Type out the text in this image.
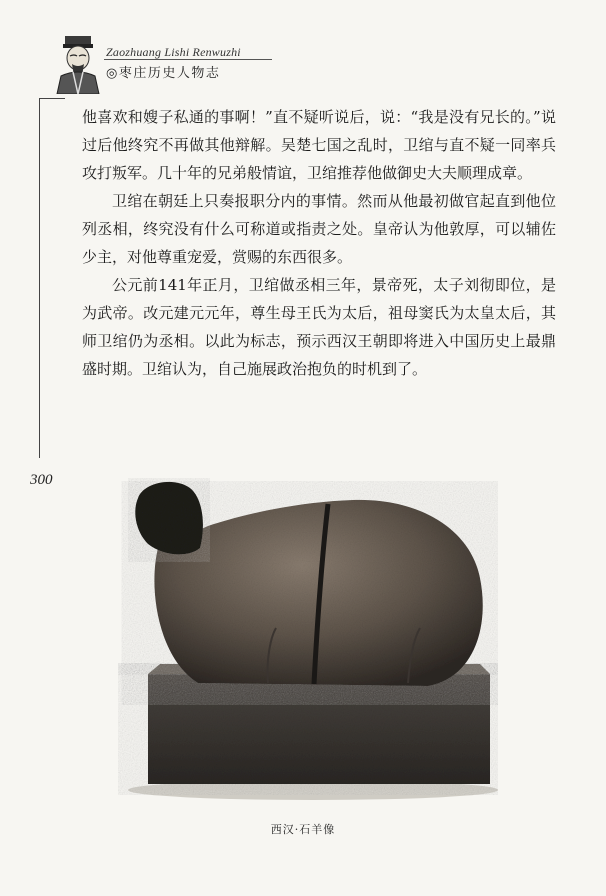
Zaozhuang Lishi Renwuzhi
◎枣庄历史人物志
300

他喜欢和嫂子私通的事啊！”直不疑听说后，说：“我是没有兄长的。”说过后他终究不再做其他辩解。吴楚七国之乱时，卫绾与直不疑一同率兵攻打叛军。几十年的兄弟般情谊，卫绾推荐他做御史大夫顺理成章。

卫绾在朝廷上只奏报职分内的事情。然而从他最初做官起直到他位列丞相，终究没有什么可称道或指责之处。皇帝认为他敦厚，可以辅佐少主，对他尊重宠爱，赏赐的东西很多。

公元前141年正月，卫绾做丞相三年，景帝死，太子刘彻即位，是为武帝。改元建元元年，尊生母王氏为太后，祖母窦氏为太皇太后，其师卫绾仍为丞相。以此为标志，预示西汉王朝即将进入中国历史上最鼎盛时期。卫绾认为，自己施展政治抱负的时机到了。

西汉·石羊像
